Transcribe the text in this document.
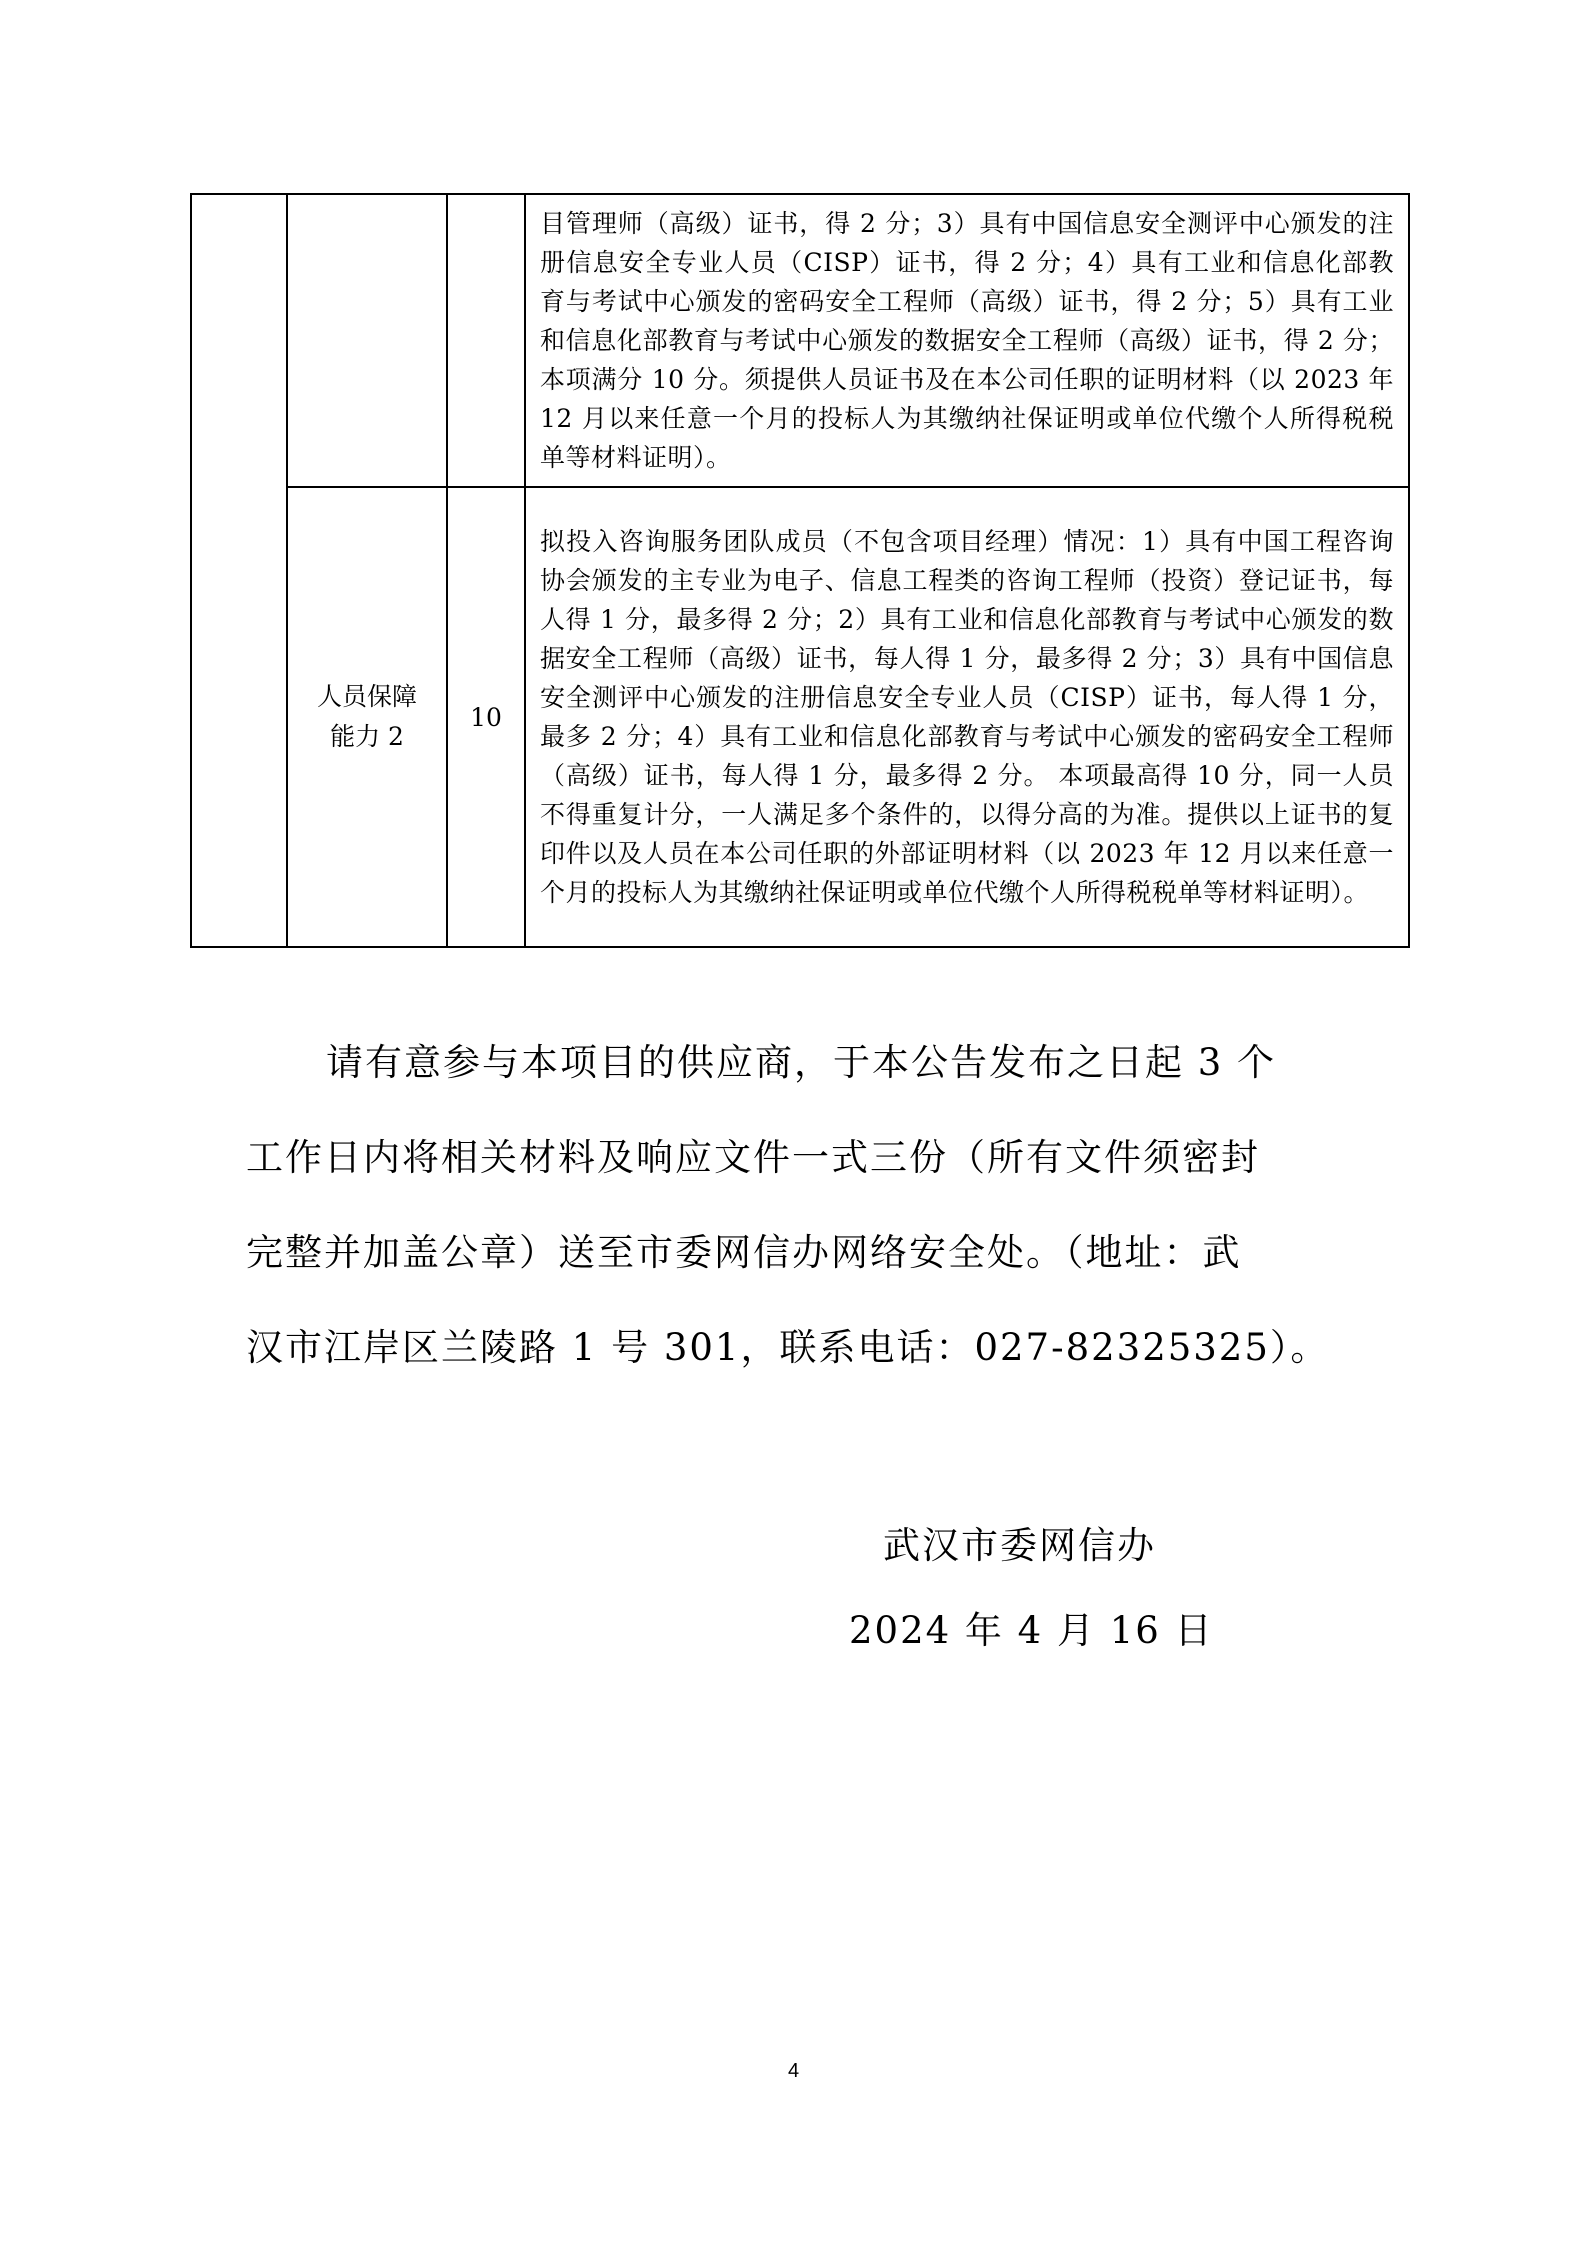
			目管理师（高级）证书，得 2 分；3）具有中国信息安全测评中心颁发的注册信息安全专业人员（CISP）证书，得 2 分；4）具有工业和信息化部教育与考试中心颁发的密码安全工程师（高级）证书，得 2 分；5）具有工业和信息化部教育与考试中心颁发的数据安全工程师（高级）证书，得 2 分；本项满分 10 分。须提供人员证书及在本公司任职的证明材料（以 2023 年 12 月以来任意一个月的投标人为其缴纳社保证明或单位代缴个人所得税税单等材料证明）。
	人员保障能力 2	10	拟投入咨询服务团队成员（不包含项目经理）情况：1）具有中国工程咨询协会颁发的主专业为电子、信息工程类的咨询工程师（投资）登记证书，每人得 1 分，最多得 2 分；2）具有工业和信息化部教育与考试中心颁发的数据安全工程师（高级）证书，每人得 1 分，最多得 2 分；3）具有中国信息安全测评中心颁发的注册信息安全专业人员（CISP）证书，每人得 1 分，最多 2 分；4）具有工业和信息化部教育与考试中心颁发的密码安全工程师（高级）证书，每人得 1 分，最多得 2 分。 本项最高得 10 分，同一人员不得重复计分，一人满足多个条件的，以得分高的为准。提供以上证书的复印件以及人员在本公司任职的外部证明材料（以 2023 年 12 月以来任意一个月的投标人为其缴纳社保证明或单位代缴个人所得税税单等材料证明）。

请有意参与本项目的供应商，于本公告发布之日起 3 个
工作日内将相关材料及响应文件一式三份（所有文件须密封
完整并加盖公章）送至市委网信办网络安全处。（地址：武
汉市江岸区兰陵路 1 号 301，联系电话：027-82325325）。

武汉市委网信办

2024 年 4 月 16 日

4
